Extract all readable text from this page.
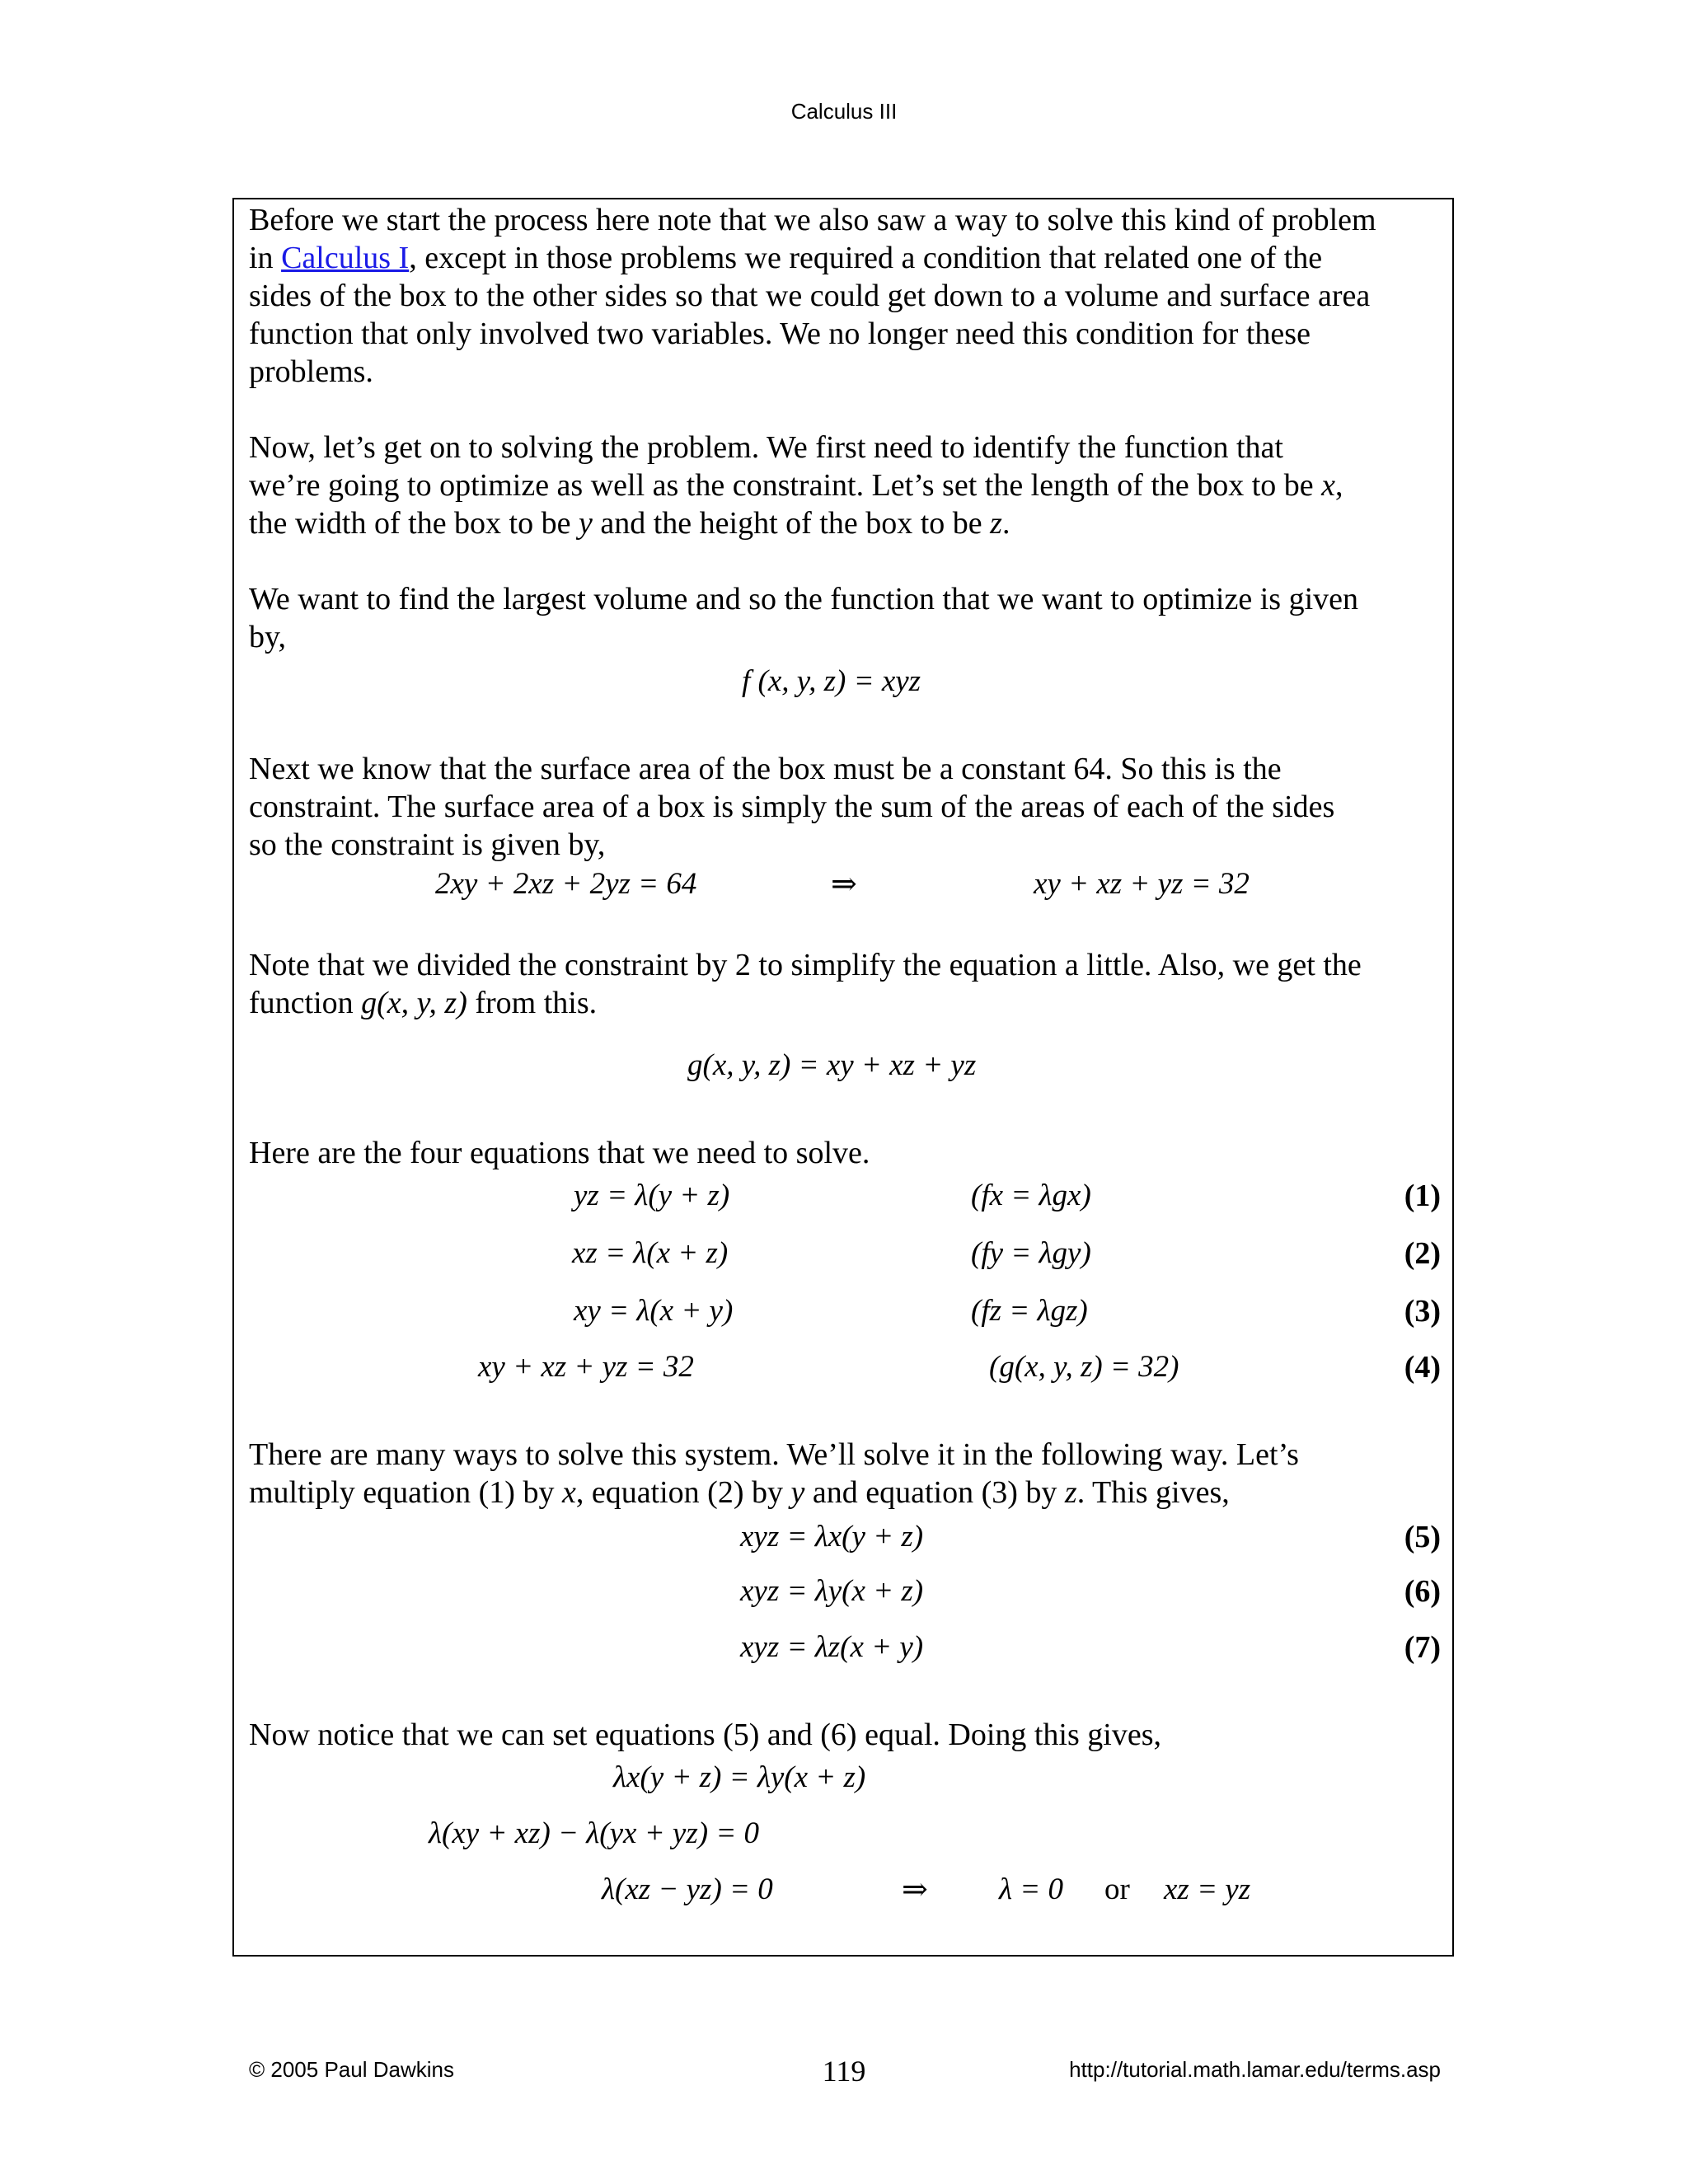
Calculus III
Before we start the process here note that we also saw a way to solve this kind of problem
in Calculus I, except in those problems we required a condition that related one of the
sides of the box to the other sides so that we could get down to a volume and surface area
function that only involved two variables. We no longer need this condition for these
problems.
Now, let’s get on to solving the problem. We first need to identify the function that
we’re going to optimize as well as the constraint. Let’s set the length of the box to be x,
the width of the box to be y and the height of the box to be z.
We want to find the largest volume and so the function that we want to optimize is given
by,
f (x, y, z) = xyz
Next we know that the surface area of the box must be a constant 64. So this is the
constraint. The surface area of a box is simply the sum of the areas of each of the sides
so the constraint is given by,
2xy + 2xz + 2yz = 64	⇒	xy + xz + yz = 32
Note that we divided the constraint by 2 to simplify the equation a little. Also, we get the
function g(x, y, z) from this.
g(x, y, z) = xy + xz + yz
Here are the four equations that we need to solve.
yz = λ(y + z)	(fx = λgx)	(1)
xz = λ(x + z)	(fy = λgy)	(2)
xy = λ(x + y)	(fz = λgz)	(3)
xy + xz + yz = 32	(g(x, y, z) = 32)	(4)
There are many ways to solve this system. We’ll solve it in the following way. Let’s
multiply equation (1) by x, equation (2) by y and equation (3) by z. This gives,
xyz = λx(y + z)	(5)
xyz = λy(x + z)	(6)
xyz = λz(x + y)	(7)
Now notice that we can set equations (5) and (6) equal. Doing this gives,
λx(y + z) = λy(x + z)
λ(xy + xz) − λ(yx + yz) = 0
λ(xz − yz) = 0	⇒ λ = 0 or xz = yz
© 2005 Paul Dawkins	119	http://tutorial.math.lamar.edu/terms.asp
